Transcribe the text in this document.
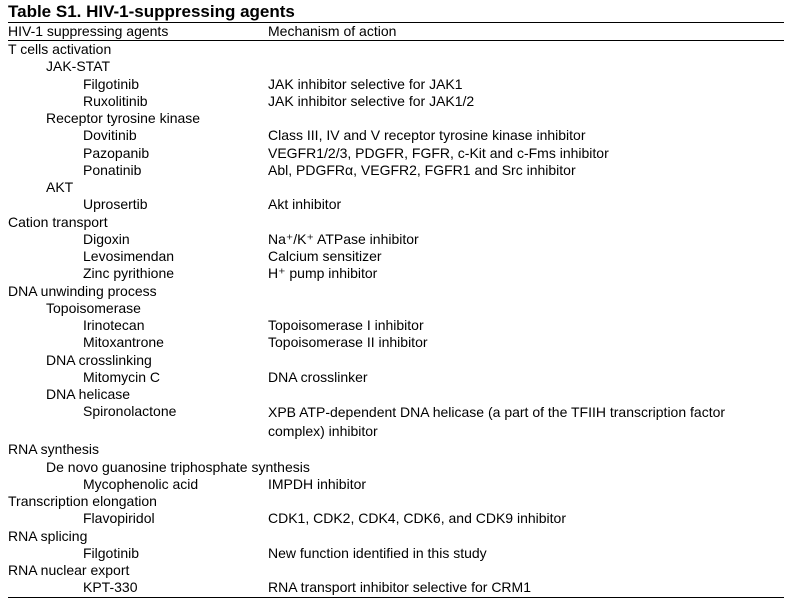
Table S1. HIV-1-suppressing agents
HIV-1 suppressing agents	Mechanism of action
T cells activation
JAK-STAT
Filgotinib	JAK inhibitor selective for JAK1
Ruxolitinib	JAK inhibitor selective for JAK1/2
Receptor tyrosine kinase
Dovitinib	Class III, IV and V receptor tyrosine kinase inhibitor
Pazopanib	VEGFR1/2/3, PDGFR, FGFR, c-Kit and c-Fms inhibitor
Ponatinib	Abl, PDGFRα, VEGFR2, FGFR1 and Src inhibitor
AKT
Uprosertib	Akt inhibitor
Cation transport
Digoxin	Na⁺/K⁺ ATPase inhibitor
Levosimendan	Calcium sensitizer
Zinc pyrithione	H⁺ pump inhibitor
DNA unwinding process
Topoisomerase
Irinotecan	Topoisomerase I inhibitor
Mitoxantrone	Topoisomerase II inhibitor
DNA crosslinking
Mitomycin C	DNA crosslinker
DNA helicase
Spironolactone	XPB ATP-dependent DNA helicase (a part of the TFIIH transcription factor complex) inhibitor
RNA synthesis
De novo guanosine triphosphate synthesis
Mycophenolic acid	IMPDH inhibitor
Transcription elongation
Flavopiridol	CDK1, CDK2, CDK4, CDK6, and CDK9 inhibitor
RNA splicing
Filgotinib	New function identified in this study
RNA nuclear export
KPT-330	RNA transport inhibitor selective for CRM1
